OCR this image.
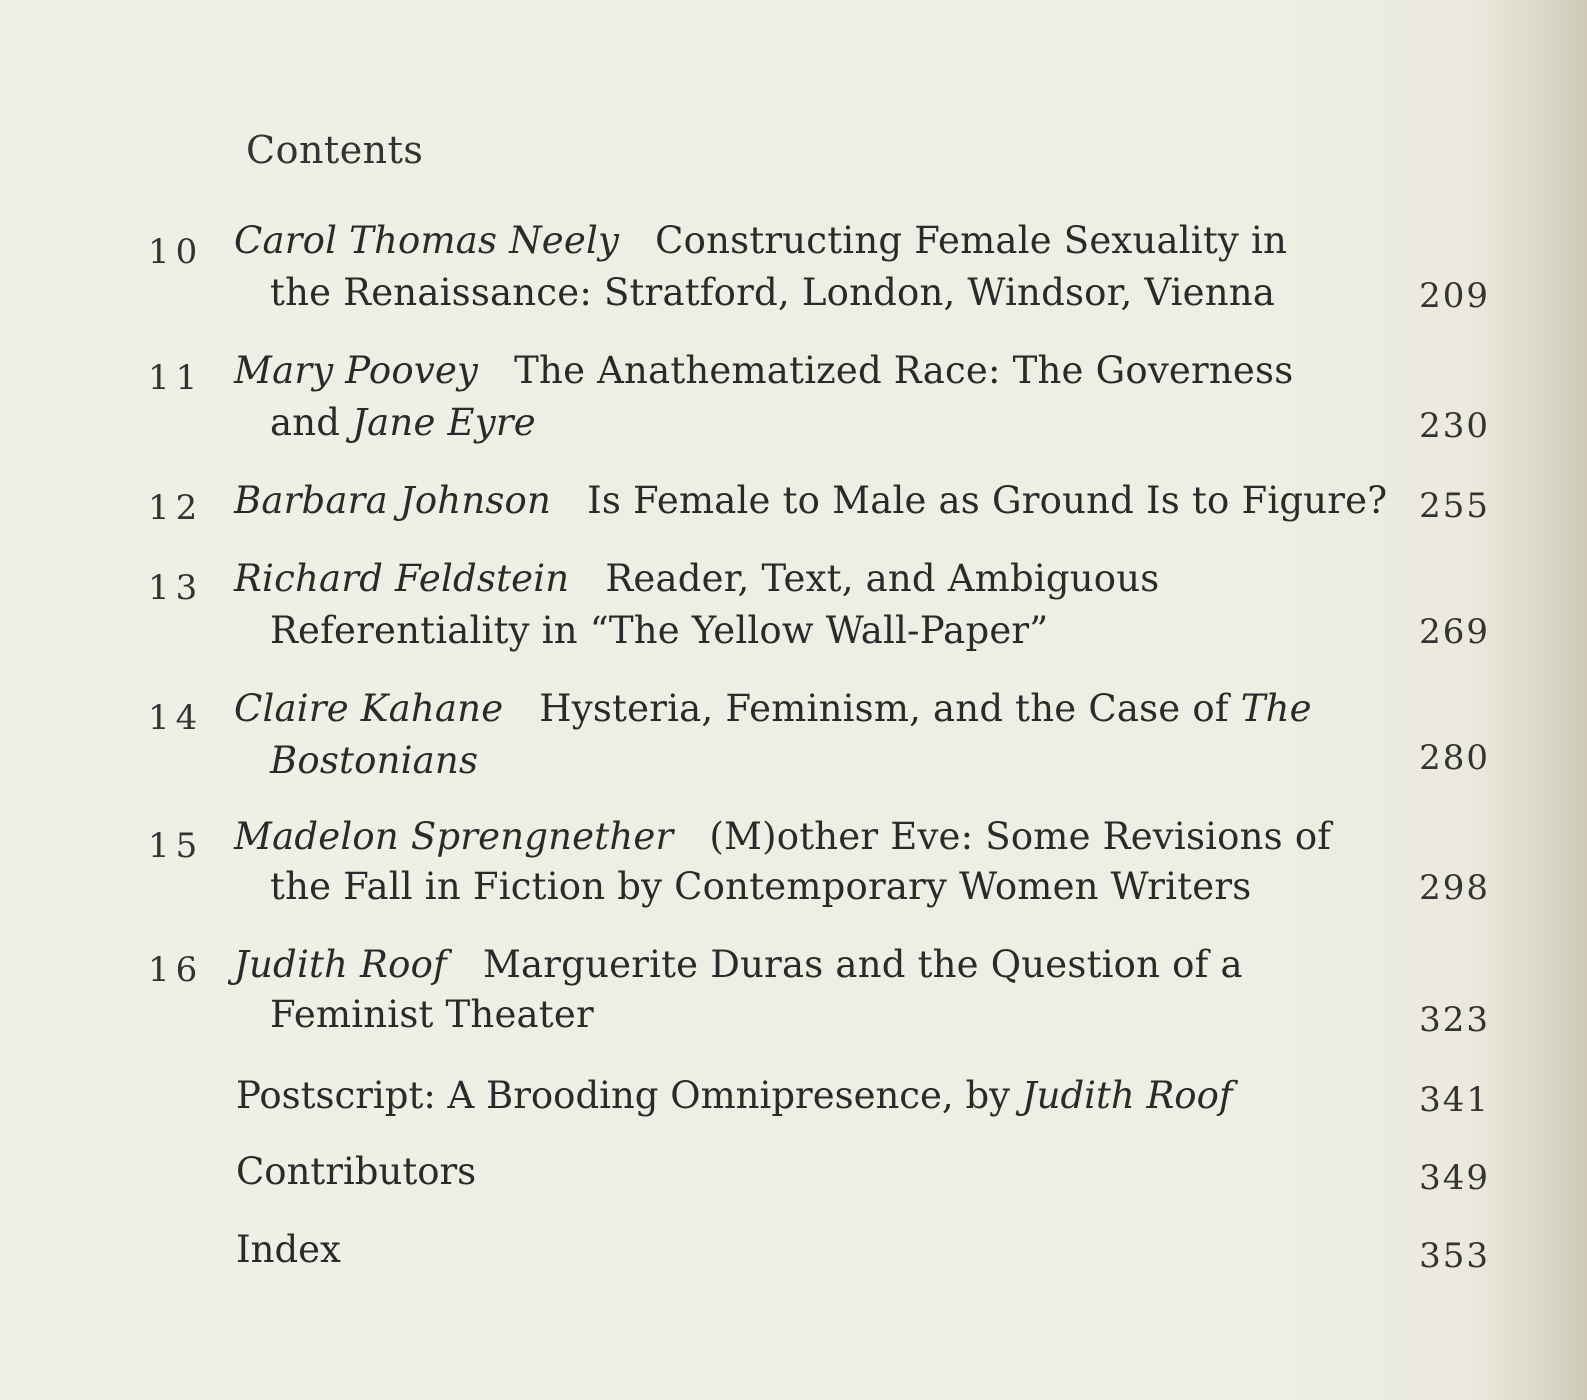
Contents
10 Carol Thomas Neely Constructing Female Sexuality in
the Renaissance: Stratford, London, Windsor, Vienna	209
11 Mary Poovey The Anathematized Race: The Governess
and Jane Eyre	230
12 Barbara Johnson Is Female to Male as Ground Is to Figure? 255
13 Richard Feldstein Reader, Text, and Ambiguous
Referentiality in “The Yellow Wall-Paper”	269
14 Claire Kahane Hysteria, Feminism, and the Case of The
Bostonians	280
15 Madelon Sprengnether (M)other Eve: Some Revisions of
the Fall in Fiction by Contemporary Women Writers	298
16 Judith Roof Marguerite Duras and the Question of a
Feminist Theater	323
Postscript: A Brooding Omnipresence, by Judith Roof	341
Contributors	349
Index	353
